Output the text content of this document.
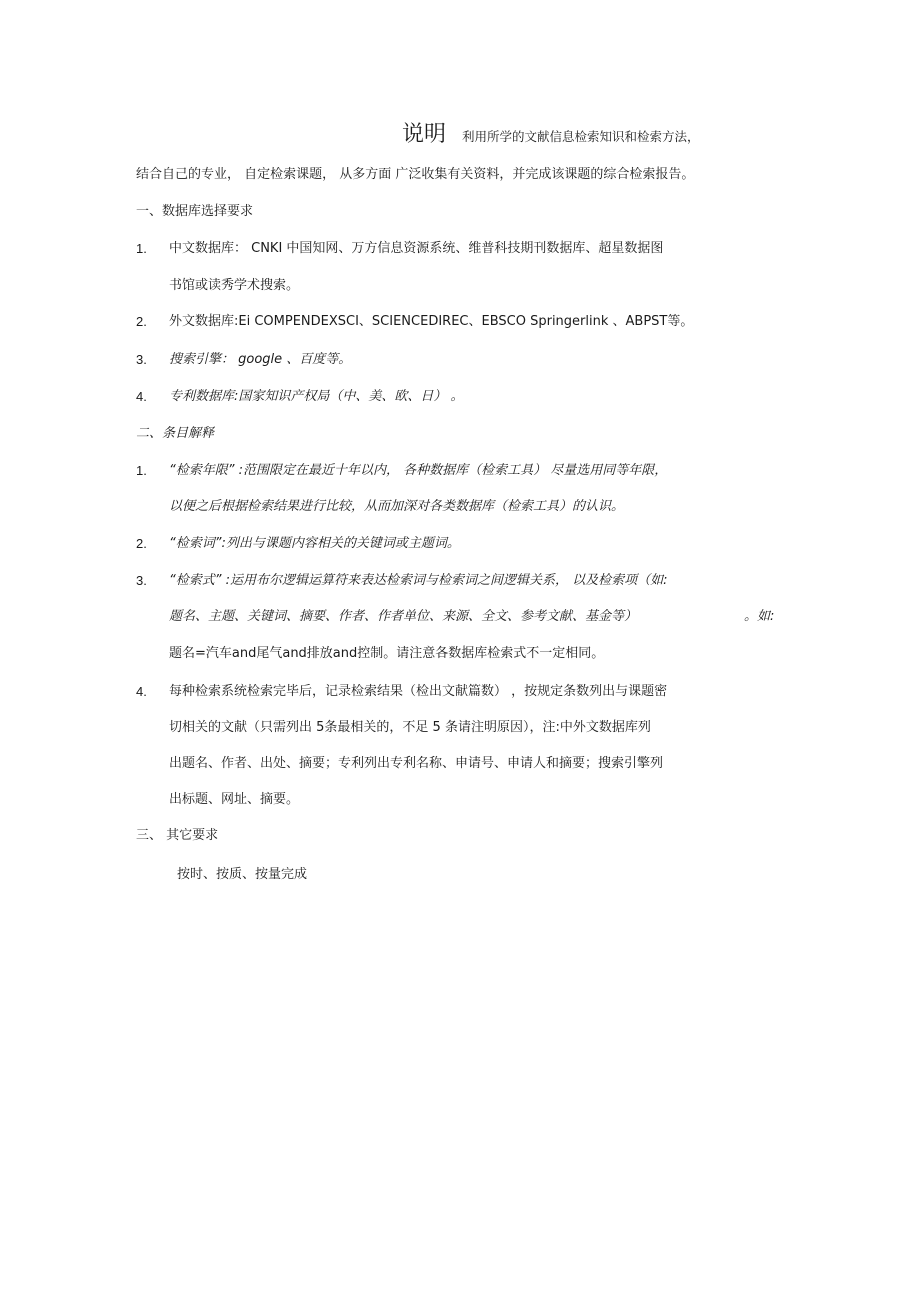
说明 利用所学的文献信息检索知识和检索方法，
结合自己的专业， 自定检索课题， 从多方面 广泛收集有关资料，并完成该课题的综合检索报告。
一、数据库选择要求
1. 中文数据库： CNKI 中国知网、万方信息资源系统、维普科技期刊数据库、超星数据图
书馆或读秀学术搜索。
2. 外文数据库:Ei COMPENDEXSCI、SCIENCEDIREC、EBSCO Springerlink 、ABPST等。
3. 搜索引擎： google 、百度等。
4. 专利数据库:国家知识产权局（中、美、欧、日） 。
二、条目解释
1. “检索年限” :范围限定在最近十年以内， 各种数据库（检索工具） 尽量选用同等年限，
以便之后根据检索结果进行比较，从而加深对各类数据库（检索工具）的认识。
2. “检索词”:列出与课题内容相关的关键词或主题词。
3. “检索式” :运用布尔逻辑运算符来表达检索词与检索词之间逻辑关系， 以及检索项（如:
题名、主题、关键词、摘要、作者、作者单位、来源、全文、参考文献、基金等）	。如:
题名=汽车and尾气and排放and控制。请注意各数据库检索式不一定相同。
4. 每种检索系统检索完毕后，记录检索结果（检出文献篇数） ，按规定条数列出与课题密
切相关的文献（只需列出 5条最相关的，不足 5 条请注明原因），注:中外文数据库列
出题名、作者、出处、摘要；专利列出专利名称、申请号、申请人和摘要；搜索引擎列
出标题、网址、摘要。
三、 其它要求
按时、按质、按量完成
